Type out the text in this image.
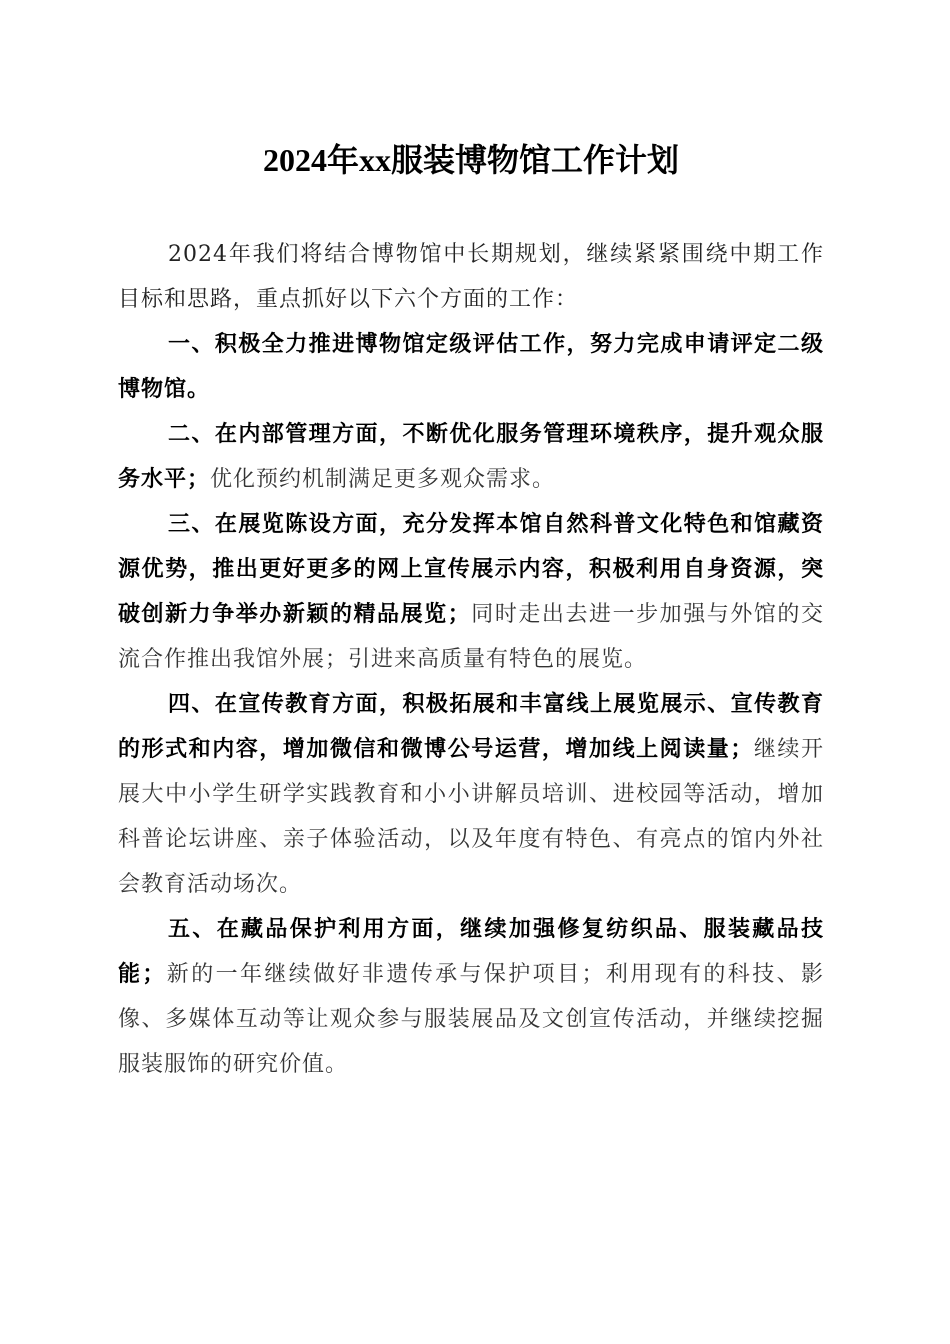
2024年xx服装博物馆工作计划

2024年我们将结合博物馆中长期规划，继续紧紧围绕中期工作目标和思路，重点抓好以下六个方面的工作：

一、积极全力推进博物馆定级评估工作，努力完成申请评定二级博物馆。

二、在内部管理方面，不断优化服务管理环境秩序，提升观众服务水平；优化预约机制满足更多观众需求。

三、在展览陈设方面，充分发挥本馆自然科普文化特色和馆藏资源优势，推出更好更多的网上宣传展示内容，积极利用自身资源，突破创新力争举办新颖的精品展览；同时走出去进一步加强与外馆的交流合作推出我馆外展；引进来高质量有特色的展览。

四、在宣传教育方面，积极拓展和丰富线上展览展示、宣传教育的形式和内容，增加微信和微博公号运营，增加线上阅读量；继续开展大中小学生研学实践教育和小小讲解员培训、进校园等活动，增加科普论坛讲座、亲子体验活动，以及年度有特色、有亮点的馆内外社会教育活动场次。

五、在藏品保护利用方面，继续加强修复纺织品、服装藏品技能；新的一年继续做好非遗传承与保护项目；利用现有的科技、影像、多媒体互动等让观众参与服装展品及文创宣传活动，并继续挖掘服装服饰的研究价值。
